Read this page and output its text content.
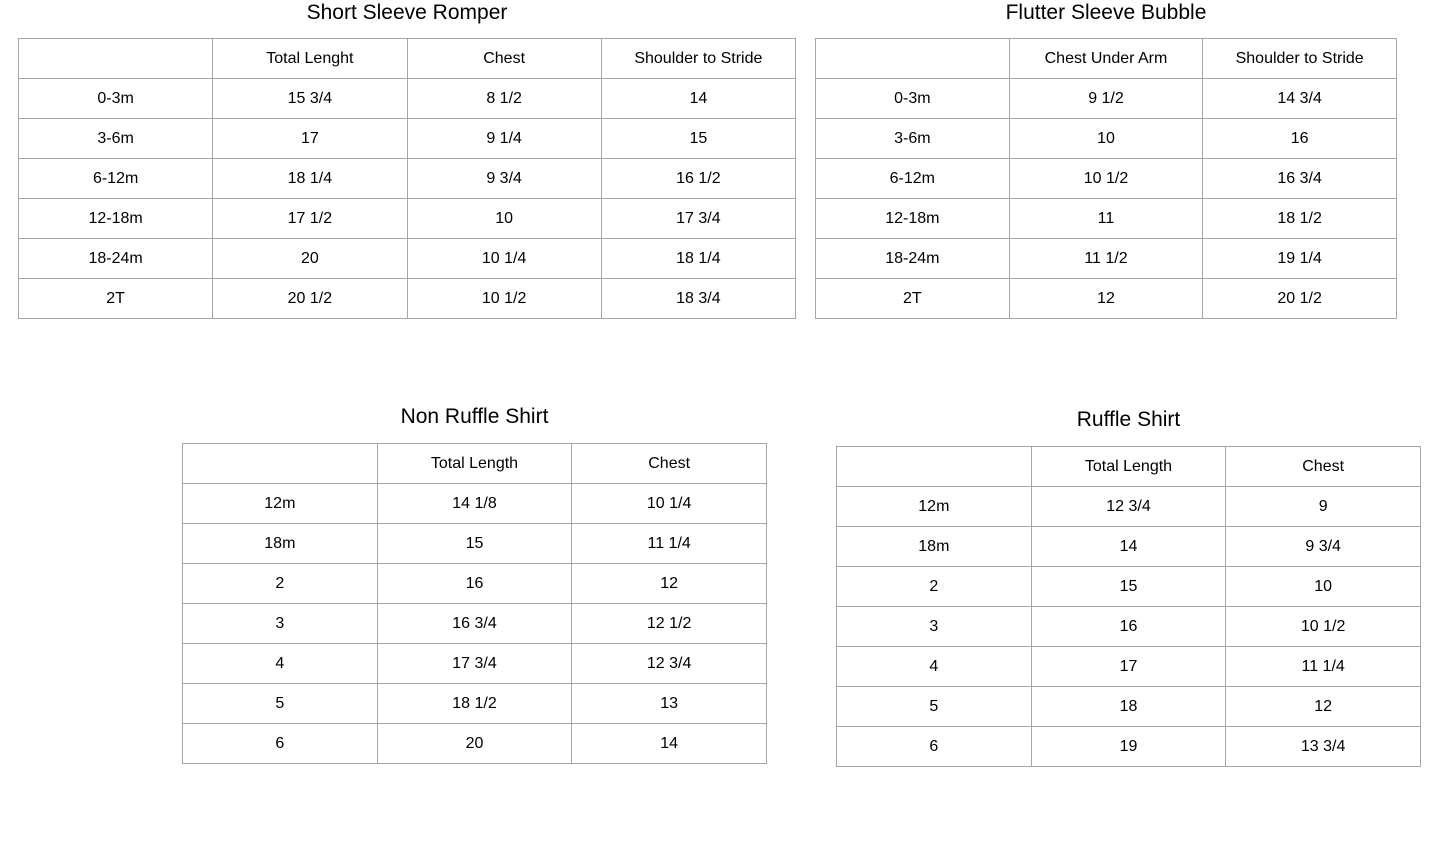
Short Sleeve Romper
	Total Lenght	Chest	Shoulder to Stride
0-3m	15 3/4	8 1/2	14
3-6m	17	9 1/4	15
6-12m	18 1/4	9 3/4	16 1/2
12-18m	17 1/2	10	17 3/4
18-24m	20	10 1/4	18 1/4
2T	20 1/2	10 1/2	18 3/4
Flutter Sleeve Bubble
	Chest Under Arm	Shoulder to Stride
0-3m	9 1/2	14 3/4
3-6m	10	16
6-12m	10 1/2	16 3/4
12-18m	11	18 1/2
18-24m	11 1/2	19 1/4
2T	12	20 1/2
Non Ruffle Shirt
	Total Length	Chest
12m	14 1/8	10 1/4
18m	15	11 1/4
2	16	12
3	16 3/4	12 1/2
4	17 3/4	12 3/4
5	18 1/2	13
6	20	14
Ruffle Shirt
	Total Length	Chest
12m	12 3/4	9
18m	14	9 3/4
2	15	10
3	16	10 1/2
4	17	11 1/4
5	18	12
6	19	13 3/4
